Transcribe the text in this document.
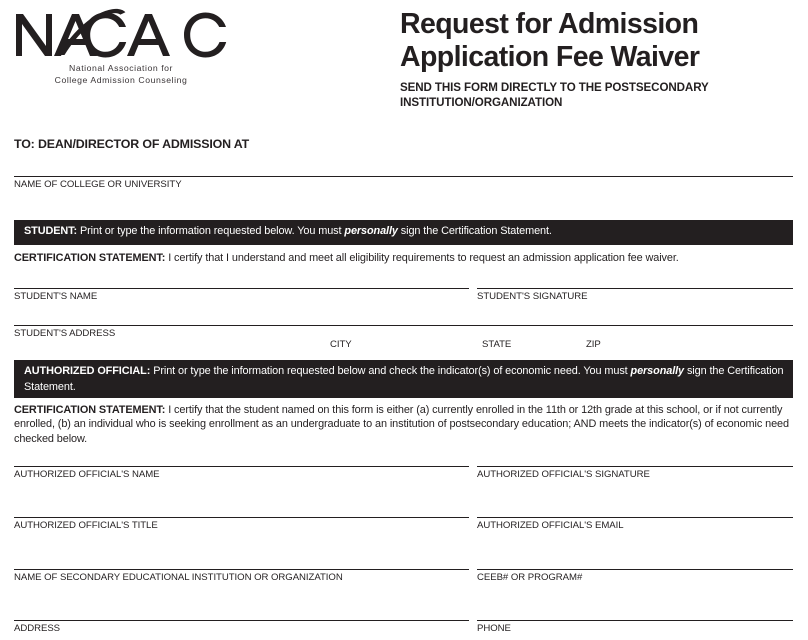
National Association for
College Admission Counseling
Request for Admission
Application Fee Waiver
SEND THIS FORM DIRECTLY TO THE POSTSECONDARY
INSTITUTION/ORGANIZATION
TO: DEAN/DIRECTOR OF ADMISSION AT
NAME OF COLLEGE OR UNIVERSITY
STUDENT: Print or type the information requested below. You must personally sign the Certification Statement.
CERTIFICATION STATEMENT: I certify that I understand and meet all eligibility requirements to request an admission application fee waiver.
STUDENT'S NAME	STUDENT'S SIGNATURE
STUDENT'S ADDRESS
CITY	STATE	ZIP
AUTHORIZED OFFICIAL: Print or type the information requested below and check the indicator(s) of economic need. You must personally sign the Certification Statement.
CERTIFICATION STATEMENT: I certify that the student named on this form is either (a) currently enrolled in the 11th or 12th grade at this school, or if not currently enrolled, (b) an individual who is seeking enrollment as an undergraduate to an institution of postsecondary education; AND meets the indicator(s) of economic need checked below.
AUTHORIZED OFFICIAL'S NAME	AUTHORIZED OFFICIAL'S SIGNATURE
AUTHORIZED OFFICIAL'S TITLE	AUTHORIZED OFFICIAL'S EMAIL
NAME OF SECONDARY EDUCATIONAL INSTITUTION OR ORGANIZATION	CEEB# OR PROGRAM#
ADDRESS	PHONE
